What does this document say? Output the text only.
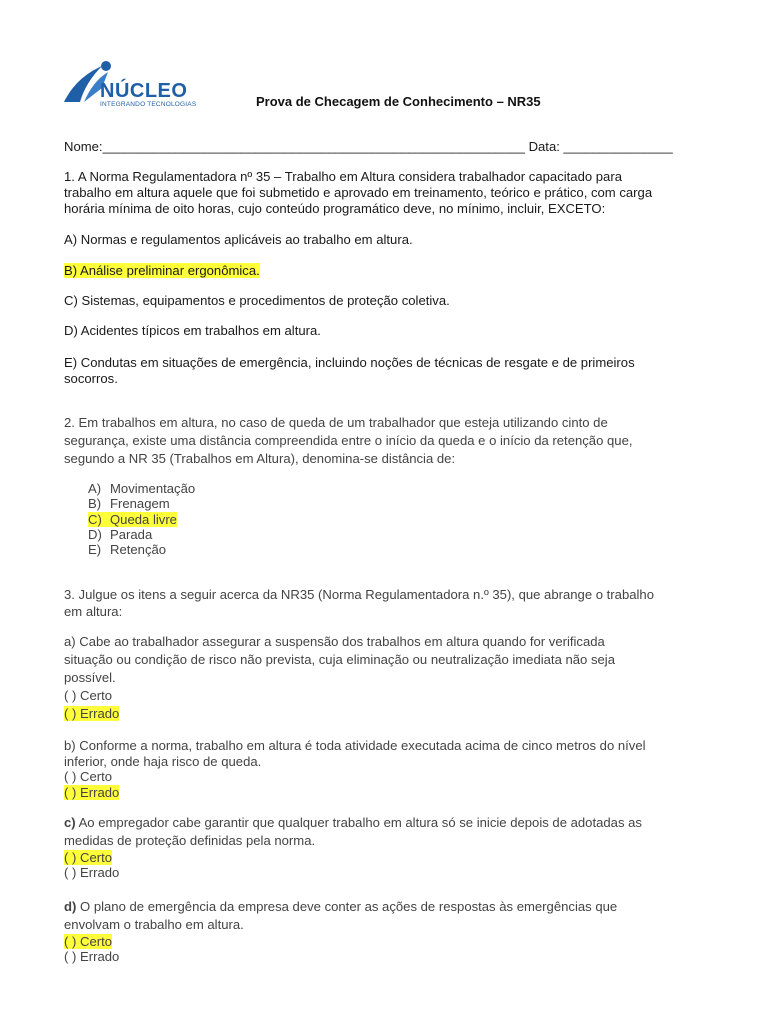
NÚCLEO
INTEGRANDO TECNOLOGIAS	Prova de Checagem de Conhecimento – NR35
Nome:__________________________________________________________ Data: _______________
1. A Norma Regulamentadora nº 35 – Trabalho em Altura considera trabalhador capacitado para
trabalho em altura aquele que foi submetido e aprovado em treinamento, teórico e prático, com carga
horária mínima de oito horas, cujo conteúdo programático deve, no mínimo, incluir, EXCETO:
A) Normas e regulamentos aplicáveis ao trabalho em altura.
B) Análise preliminar ergonômica.
C) Sistemas, equipamentos e procedimentos de proteção coletiva.
D) Acidentes típicos em trabalhos em altura.
E) Condutas em situações de emergência, incluindo noções de técnicas de resgate e de primeiros
socorros.
2. Em trabalhos em altura, no caso de queda de um trabalhador que esteja utilizando cinto de
segurança, existe uma distância compreendida entre o início da queda e o início da retenção que,
segundo a NR 35 (Trabalhos em Altura), denomina-se distância de:
A) Movimentação
B) Frenagem
C) Queda livre
D) Parada
E) Retenção
3. Julgue os itens a seguir acerca da NR35 (Norma Regulamentadora n.º 35), que abrange o trabalho
em altura:
a) Cabe ao trabalhador assegurar a suspensão dos trabalhos em altura quando for verificada
situação ou condição de risco não prevista, cuja eliminação ou neutralização imediata não seja
possível.
( ) Certo
( ) Errado
b) Conforme a norma, trabalho em altura é toda atividade executada acima de cinco metros do nível
inferior, onde haja risco de queda.
( ) Certo
( ) Errado
c) Ao empregador cabe garantir que qualquer trabalho em altura só se inicie depois de adotadas as
medidas de proteção definidas pela norma.
( ) Certo
( ) Errado
d) O plano de emergência da empresa deve conter as ações de respostas às emergências que
envolvam o trabalho em altura.
( ) Certo
( ) Errado
